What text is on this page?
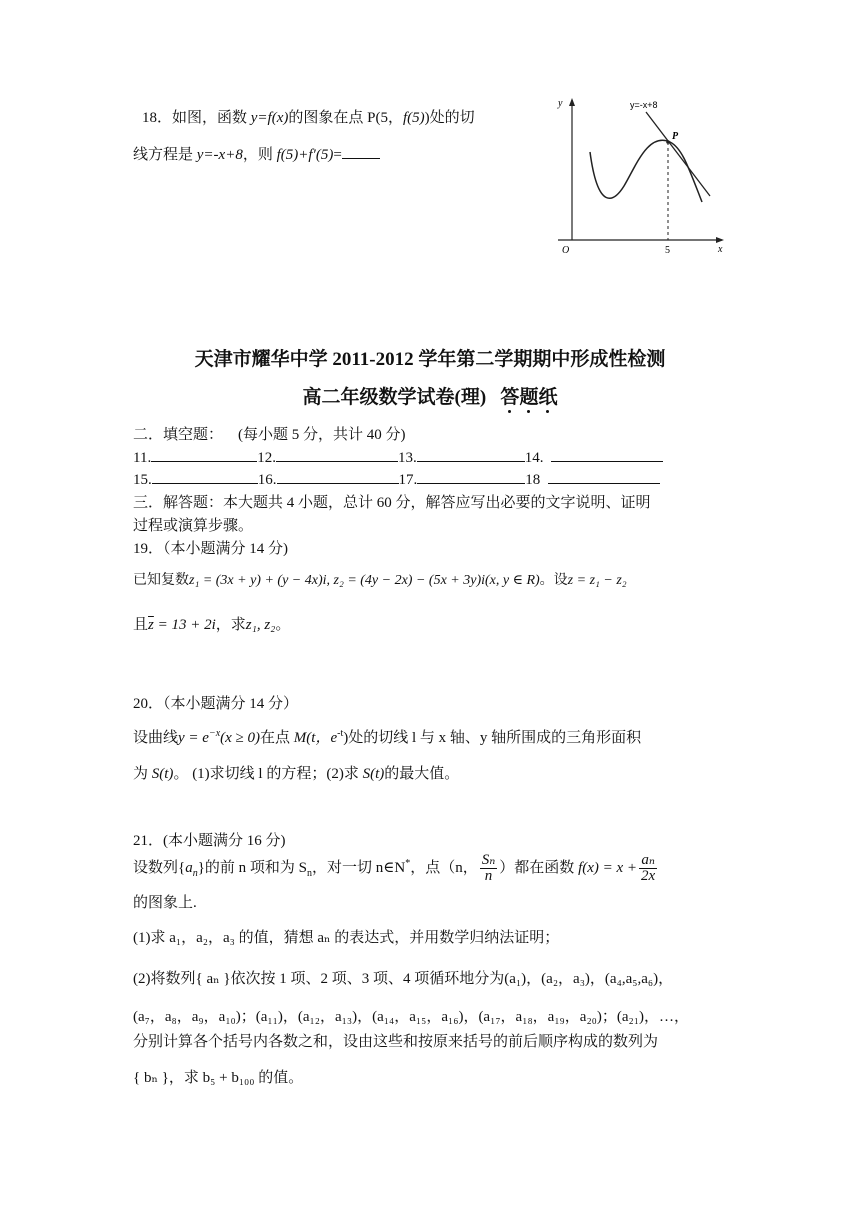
18．如图，函数 y=f(x)的图象在点 P(5，f(5))处的切
线方程是 y=-x+8，则 f(5)+f′(5)=
y
x
O	5
P
y=-x+8
天津市耀华中学 2011-2012 学年第二学期期中形成性检测
高二年级数学试卷(理) 答题纸
二．填空题： (每小题 5 分，共计 40 分)
11.	12.	13.	14.
15.	16.	17.	18
三．解答题：本大题共 4 小题，总计 60 分，解答应写出必要的文字说明、证明
过程或演算步骤。
19．（本小题满分 14 分)
已知复数z₁ = (3x + y) + (y − 4x)i, z₂ = (4y − 2x) − (5x + 3y)i(x, y ∈ R)。设z = z₁ − z₂
且$\overline{z} = 13 + 2i$，求z₁, z₂。
20．（本小题满分 14 分）
设曲线$y = e^{-x}(x \ge 0)$在点 M(t，$e^{-t}$)处的切线 l 与 x 轴、y 轴所围成的三角形面积
为 S(t)。 (1)求切线 l 的方程；(2)求 S(t)的最大值。
21．(本小题满分 16 分)
设数列$\{a_n\}$的前 n 项和为 $S_n$，对一切 n∈N*，点（n， $\frac{\text{Sₙ}}{n}$ ）都在函数 $f(x) = x + \frac{\text{aₙ}}{2x}$
的图象上.
(1)求 a₁，a₂，a₃ 的值，猜想 aₙ 的表达式，并用数学归纳法证明；
(2)将数列{ aₙ }依次按 1 项、2 项、3 项、4 项循环地分为(a₁)，(a₂，a₃)，(a₄,a₅,a₆)，
(a₇，a₈，a₉，a₁₀)；(a₁₁)，(a₁₂，a₁₃)，(a₁₄，a₁₅，a₁₆)，(a₁₇，a₁₈，a₁₉，a₂₀)；(a₂₁)，…，
分别计算各个括号内各数之和，设由这些和按原来括号的前后顺序构成的数列为
{ bₙ }，求 b₅ + b₁₀₀ 的值。
